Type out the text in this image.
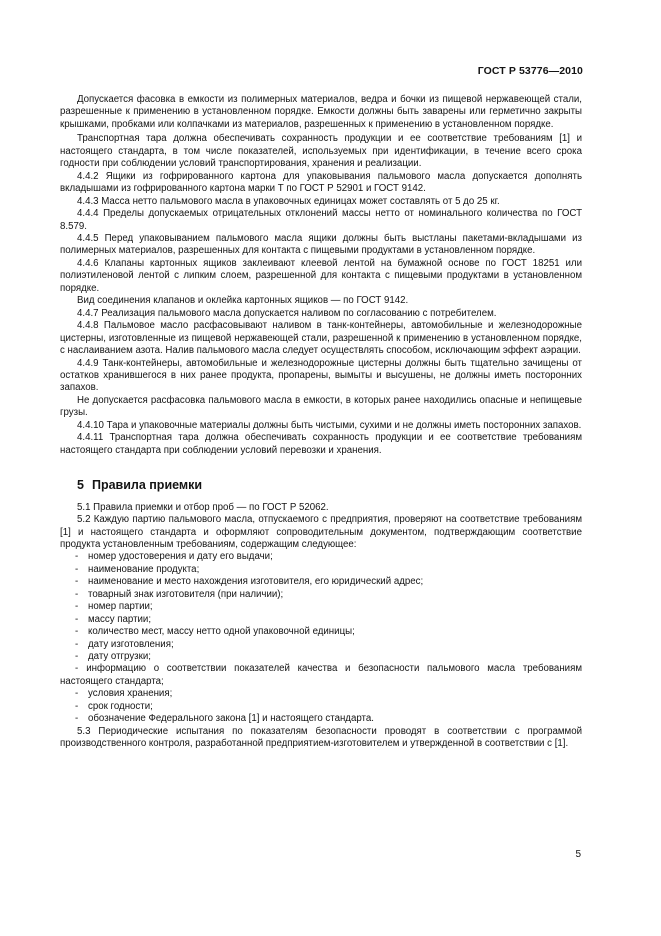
ГОСТ Р 53776—2010

Допускается фасовка в емкости из полимерных материалов, ведра и бочки из пищевой нержавеющей стали, разрешенные к применению в установленном порядке. Емкости должны быть заварены или герметично закрыты крышками, пробками или колпачками из материалов, разрешенных к применению в установленном порядке.

Транспортная тара должна обеспечивать сохранность продукции и ее соответствие требованиям [1] и настоящего стандарта, в том числе показателей, используемых при идентификации, в течение всего срока годности при соблюдении условий транспортирования, хранения и реализации.

4.4.2 Ящики из гофрированного картона для упаковывания пальмового масла допускается дополнять вкладышами из гофрированного картона марки Т по ГОСТ Р 52901 и ГОСТ 9142.

4.4.3 Масса нетто пальмового масла в упаковочных единицах может составлять от 5 до 25 кг.

4.4.4 Пределы допускаемых отрицательных отклонений массы нетто от номинального количества по ГОСТ 8.579.

4.4.5 Перед упаковыванием пальмового масла ящики должны быть выстланы пакетами-вкладышами из полимерных материалов, разрешенных для контакта с пищевыми продуктами в установленном порядке.

4.4.6 Клапаны картонных ящиков заклеивают клеевой лентой на бумажной основе по ГОСТ 18251 или полиэтиленовой лентой с липким слоем, разрешенной для контакта с пищевыми продуктами в установленном порядке.

Вид соединения клапанов и оклейка картонных ящиков — по ГОСТ 9142.

4.4.7 Реализация пальмового масла допускается наливом по согласованию с потребителем.

4.4.8 Пальмовое масло расфасовывают наливом в танк-контейнеры, автомобильные и железнодорожные цистерны, изготовленные из пищевой нержавеющей стали, разрешенной к применению в установленном порядке, с наслаиванием азота. Налив пальмового масла следует осуществлять способом, исключающим эффект аэрации.

4.4.9 Танк-контейнеры, автомобильные и железнодорожные цистерны должны быть тщательно зачищены от остатков хранившегося в них ранее продукта, пропарены, вымыты и высушены, не должны иметь посторонних запахов.

Не допускается расфасовка пальмового масла в емкости, в которых ранее находились опасные и непищевые грузы.

4.4.10 Тара и упаковочные материалы должны быть чистыми, сухими и не должны иметь посторонних запахов.

4.4.11 Транспортная тара должна обеспечивать сохранность продукции и ее соответствие требованиям настоящего стандарта при соблюдении условий перевозки и хранения.

5 Правила приемки

5.1 Правила приемки и отбор проб — по ГОСТ Р 52062.

5.2 Каждую партию пальмового масла, отпускаемого с предприятия, проверяют на соответствие требованиям [1] и настоящего стандарта и оформляют сопроводительным документом, подтверждающим соответствие продукта установленным требованиям, содержащим следующее:

- номер удостоверения и дату его выдачи;

- наименование продукта;

- наименование и место нахождения изготовителя, его юридический адрес;

- товарный знак изготовителя (при наличии);

- номер партии;

- массу партии;

- количество мест, массу нетто одной упаковочной единицы;

- дату изготовления;

- дату отгрузки;

- информацию о соответствии показателей качества и безопасности пальмового масла требованиям настоящего стандарта;

- условия хранения;

- срок годности;

- обозначение Федерального закона [1] и настоящего стандарта.

5.3 Периодические испытания по показателям безопасности проводят в соответствии с программой производственного контроля, разработанной предприятием-изготовителем и утвержденной в соответствии с [1].

5
